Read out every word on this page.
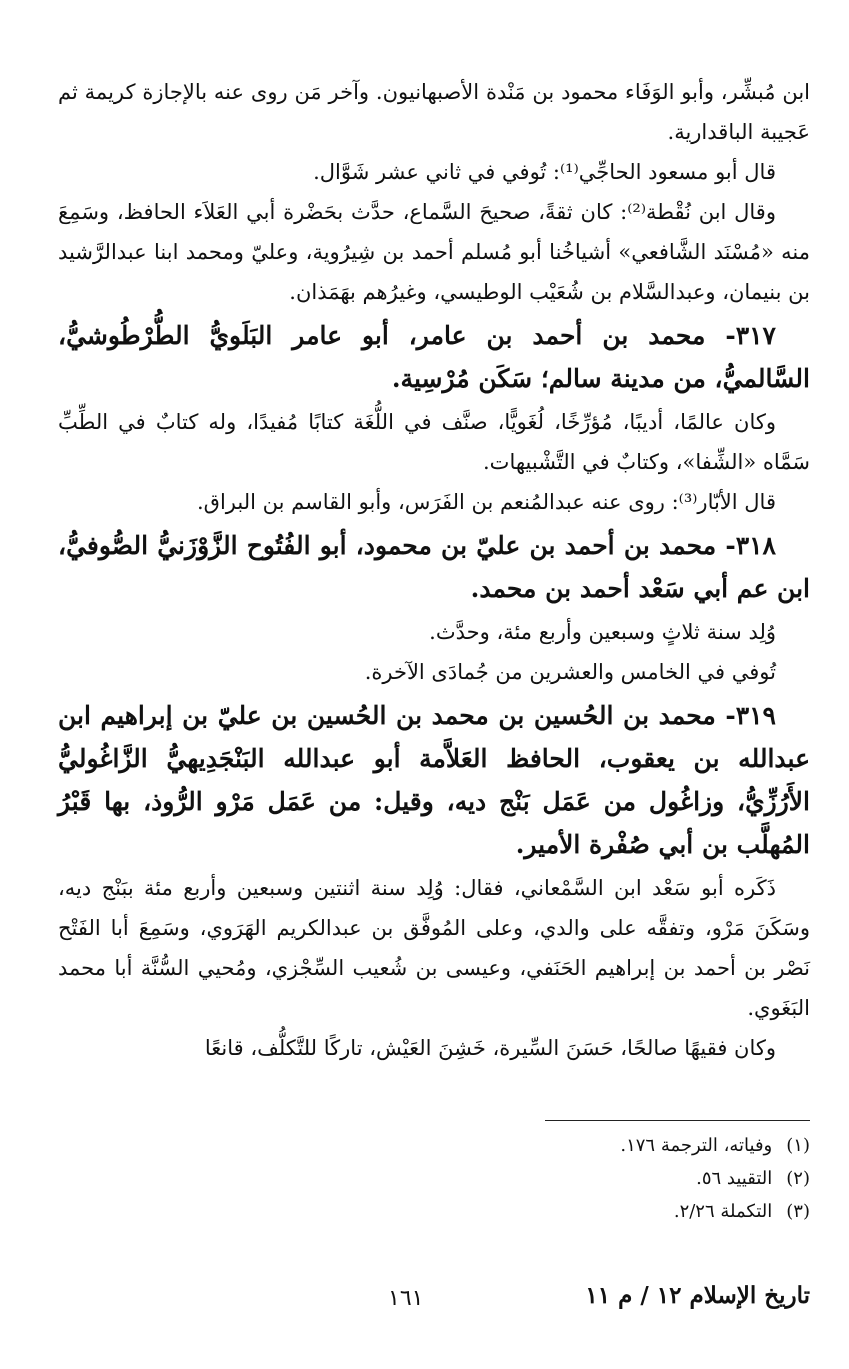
ابن مُبشِّر، وأبو الوَفَاء محمود بن مَنْدة الأصبهانيون. وآخر مَن روى عنه بالإجازة كريمة ثم عَجيبة الباقدارية.

قال أبو مسعود الحاجِّي⁽¹⁾: تُوفي في ثاني عشر شَوَّال.

وقال ابن نُقْطة⁽²⁾: كان ثقةً، صحيحَ السَّماع، حدَّث بحَضْرة أبي العَلاَء الحافظ، وسَمِعَ منه «مُسْنَد الشَّافعي» أشياخُنا أبو مُسلم أحمد بن شِيرُوية، وعليّ ومحمد ابنا عبدالرَّشيد بن بنيمان، وعبدالسَّلام بن شُعَيْب الوطيسي، وغيرُهم بهَمَذان.

٣١٧- محمد بن أحمد بن عامر، أبو عامر البَلَويُّ الطُّرْطُوشيُّ، السَّالميُّ، من مدينة سالم؛ سَكَن مُرْسِية.

وكان عالمًا، أديبًا، مُؤرِّخًا، لُغَويًّا، صنَّف في اللُّغَة كتابًا مُفيدًا، وله كتابٌ في الطِّبِّ سَمَّاه «الشِّفا»، وكتابٌ في التَّشْبيهات.

قال الأبّار⁽³⁾: روى عنه عبدالمُنعم بن الفَرَس، وأبو القاسم بن البراق.

٣١٨- محمد بن أحمد بن عليّ بن محمود، أبو الفُتُوح الزَّوْزَنيُّ الصُّوفيُّ، ابن عم أبي سَعْد أحمد بن محمد.

وُلِد سنة ثلاثٍ وسبعين وأربع مئة، وحدَّث.

تُوفي في الخامس والعشرين من جُمادَى الآخرة.

٣١٩- محمد بن الحُسين بن محمد بن الحُسين بن عليّ بن إبراهيم ابن عبدالله بن يعقوب، الحافظ العَلاَّمة أبو عبدالله البَنْجَدِيهيُّ الزَّاغُوليُّ الأَرُزِّيُّ، وزاغُول من عَمَل بَنْج ديه، وقيل: من عَمَل مَرْو الرُّوذ، بها قَبْرُ المُهلَّب بن أبي صُفْرة الأمير.

ذَكَره أبو سَعْد ابن السَّمْعاني، فقال: وُلِد سنة اثنتين وسبعين وأربع مئة ببَنْج ديه، وسَكَنَ مَرْو، وتفقَّه على والدي، وعلى المُوفَّق بن عبدالكريم الهَرَوي، وسَمِعَ أبا الفَتْح نَصْر بن أحمد بن إبراهيم الحَنَفي، وعيسى بن شُعيب السِّجْزي، ومُحيي السُّنَّة أبا محمد البَغَوي.

وكان فقيهًا صالحًا، حَسَنَ السِّيرة، خَشِنَ العَيْش، تاركًا للتَّكلُّف، قانعًا

(١)وفياته، الترجمة ١٧٦.

(٢)التقييد ٥٦.

(٣)التكملة ٢/٢٦.

تاريخ الإسلام ١٢ / م ١١
١٦١
